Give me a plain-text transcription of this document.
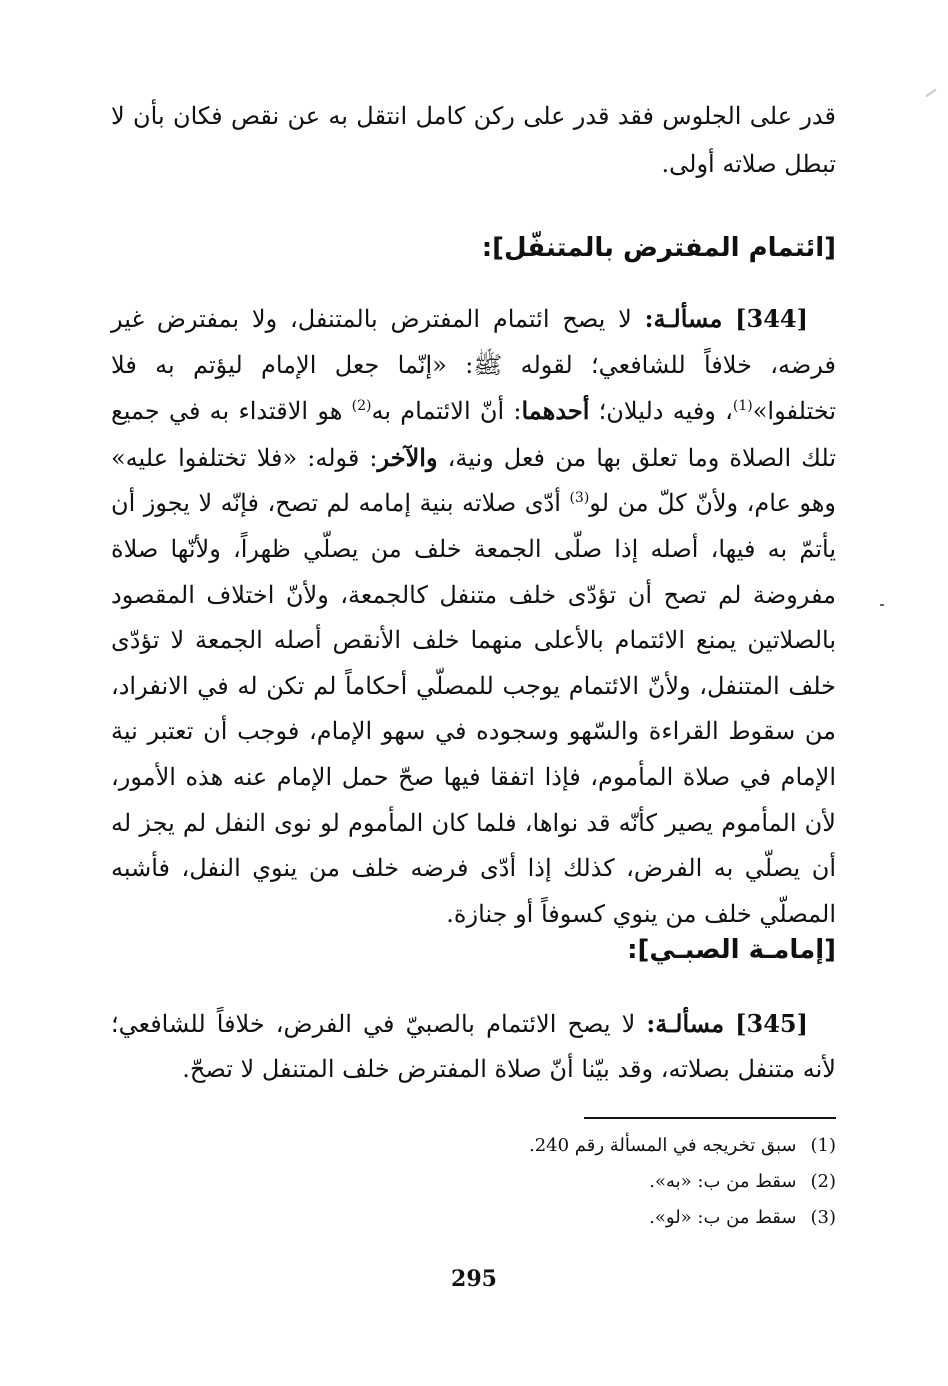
قدر على الجلوس فقد قدر على ركن كامل انتقل به عن نقص فكان بأن لا تبطل صلاته أولى.

[ائتمام المفترض بالمتنفّل]:

[344] مسألـة: لا يصح ائتمام المفترض بالمتنفل، ولا بمفترض غير فرضه، خلافاً للشافعي؛ لقوله ﷺ: «إنّما جعل الإمام ليؤتم به فلا تختلفوا»$^{(1)}$، وفيه دليلان؛ أحدهما: أنّ الائتمام به$^{(2)}$ هو الاقتداء به في جميع تلك الصلاة وما تعلق بها من فعل ونية، والآخر: قوله: «فلا تختلفوا عليه» وهو عام، ولأنّ كلّ من لو$^{(3)}$ أدّى صلاته بنية إمامه لم تصح، فإنّه لا يجوز أن يأتمّ به فيها، أصله إذا صلّى الجمعة خلف من يصلّي ظهراً، ولأنّها صلاة مفروضة لم تصح أن تؤدّى خلف متنفل كالجمعة، ولأنّ اختلاف المقصود بالصلاتين يمنع الائتمام بالأعلى منهما خلف الأنقص أصله الجمعة لا تؤدّى خلف المتنفل، ولأنّ الائتمام يوجب للمصلّي أحكاماً لم تكن له في الانفراد، من سقوط القراءة والسّهو وسجوده في سهو الإمام، فوجب أن تعتبر نية الإمام في صلاة المأموم، فإذا اتفقا فيها صحّ حمل الإمام عنه هذه الأمور، لأن المأموم يصير كأنّه قد نواها، فلما كان المأموم لو نوى النفل لم يجز له أن يصلّي به الفرض، كذلك إذا أدّى فرضه خلف من ينوي النفل، فأشبه المصلّي خلف من ينوي كسوفاً أو جنازة.

[إمامـة الصبـي]:

[345] مسألـة: لا يصح الائتمام بالصبيّ في الفرض، خلافاً للشافعي؛ لأنه متنفل بصلاته، وقد بيّنا أنّ صلاة المفترض خلف المتنفل لا تصحّ.

(1)سبق تخريجه في المسألة رقم 240.
(2)سقط من ب: «به».
(3)سقط من ب: «لو».
295
